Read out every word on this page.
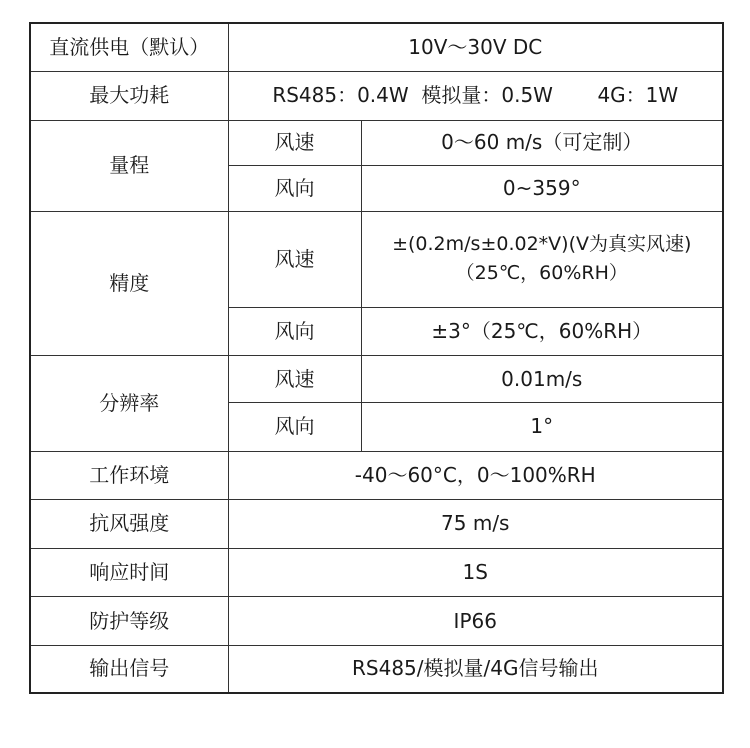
直流供电（默认）	10V～30V DC	
最大功耗	RS485：0.4W  模拟量：0.5W       4G：1W	
量程	风速	0～60 m/s（可定制）
	风向	0~359°
精度	风速	±(0.2m/s±0.02*V)(V为真实风速)
（25℃，60%RH）

	风向	±3°（25℃，60%RH）
分辨率	风速	0.01m/s
	风向	1°
工作环境	-40～60°C，0～100%RH	
抗风强度	75 m/s	
响应时间	1S	
防护等级	IP66	
输出信号	RS485/模拟量/4G信号输出	
